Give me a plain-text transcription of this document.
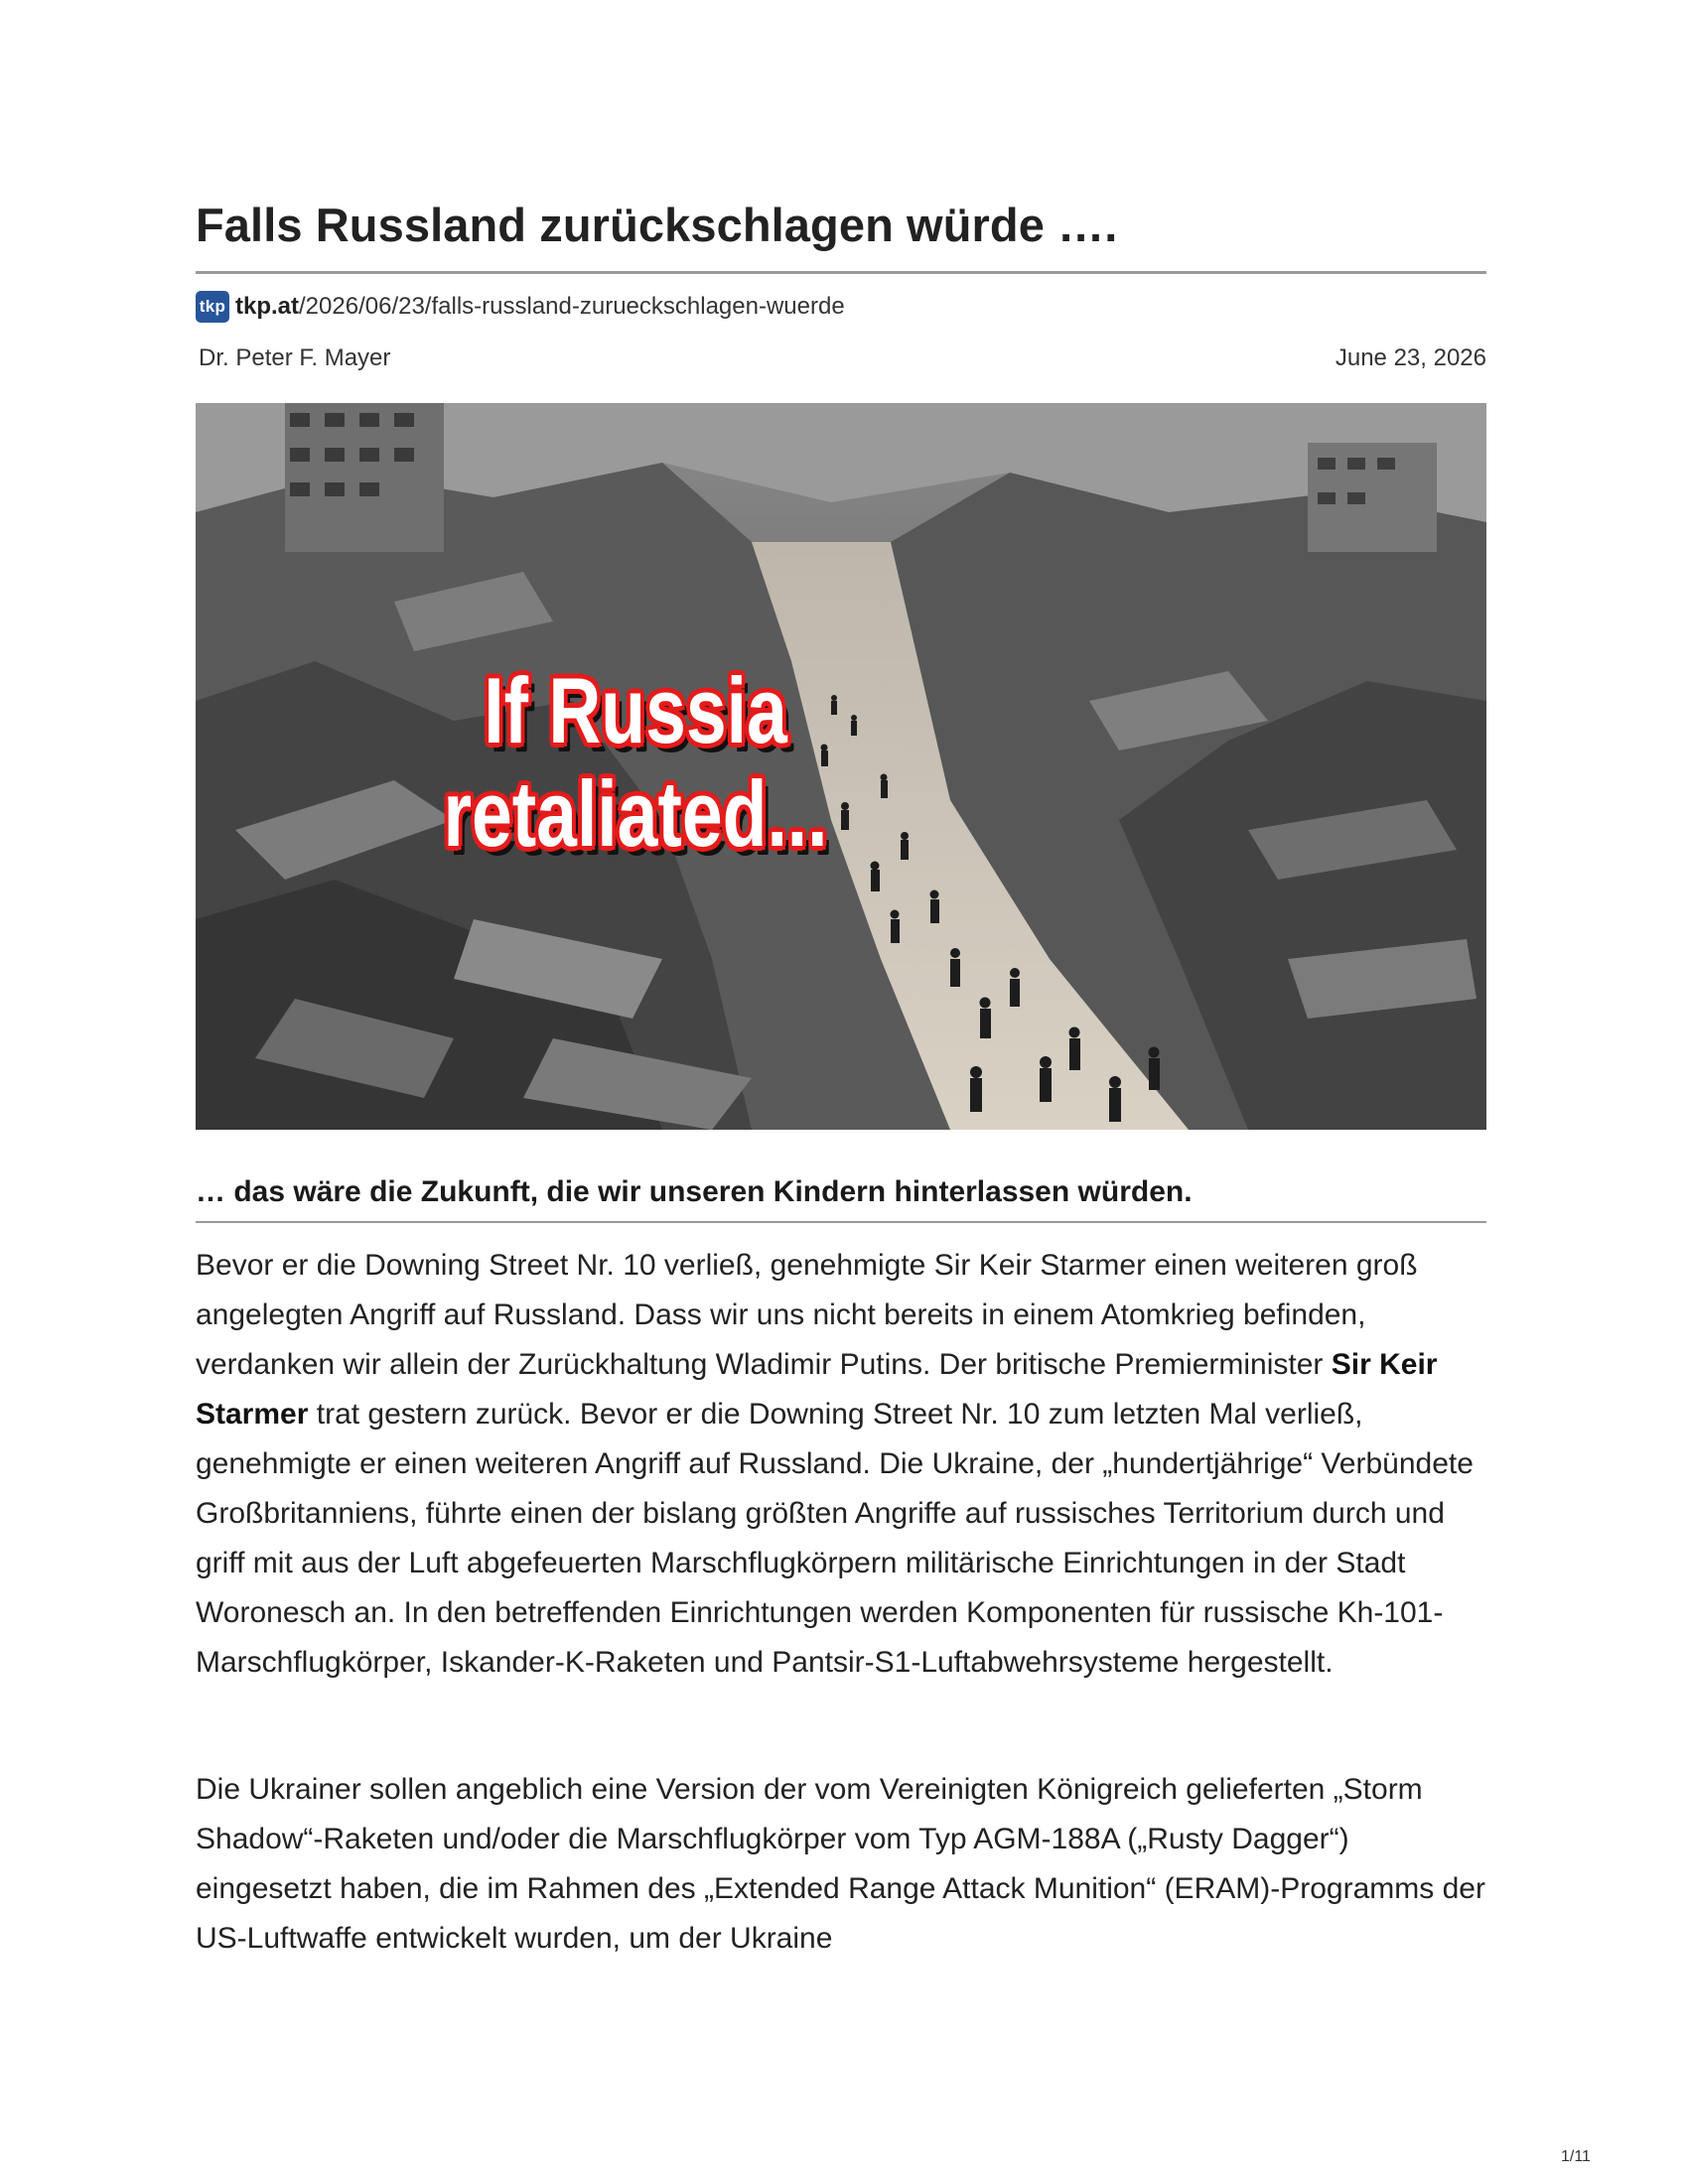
Falls Russland zurückschlagen würde ….
tkp tkp.at /2026/06/23/falls-russland-zurueckschlagen-wuerde
Dr. Peter F. Mayer	June 23, 2026
If Russia
retaliated...
… das wäre die Zukunft, die wir unseren Kindern hinterlassen würden.

Bevor er die Downing Street Nr. 10 verließ, genehmigte Sir Keir Starmer einen weiteren groß angelegten Angriff auf Russland. Dass wir uns nicht bereits in einem Atomkrieg befinden, verdanken wir allein der Zurückhaltung Wladimir Putins. Der britische Premierminister Sir Keir Starmer trat gestern zurück. Bevor er die Downing Street Nr. 10 zum letzten Mal verließ, genehmigte er einen weiteren Angriff auf Russland. Die Ukraine, der „hundertjährige“ Verbündete Großbritanniens, führte einen der bislang größten Angriffe auf russisches Territorium durch und griff mit aus der Luft abgefeuerten Marschflugkörpern militärische Einrichtungen in der Stadt Woronesch an. In den betreffenden Einrichtungen werden Komponenten für russische Kh-101-Marschflugkörper, Iskander-K-Raketen und Pantsir-S1-Luftabwehrsysteme hergestellt.

Die Ukrainer sollen angeblich eine Version der vom Vereinigten Königreich gelieferten „Storm Shadow“-Raketen und/oder die Marschflugkörper vom Typ AGM-188A („Rusty Dagger“) eingesetzt haben, die im Rahmen des „Extended Range Attack Munition“ (ERAM)-Programms der US-Luftwaffe entwickelt wurden, um der Ukraine

1/11
